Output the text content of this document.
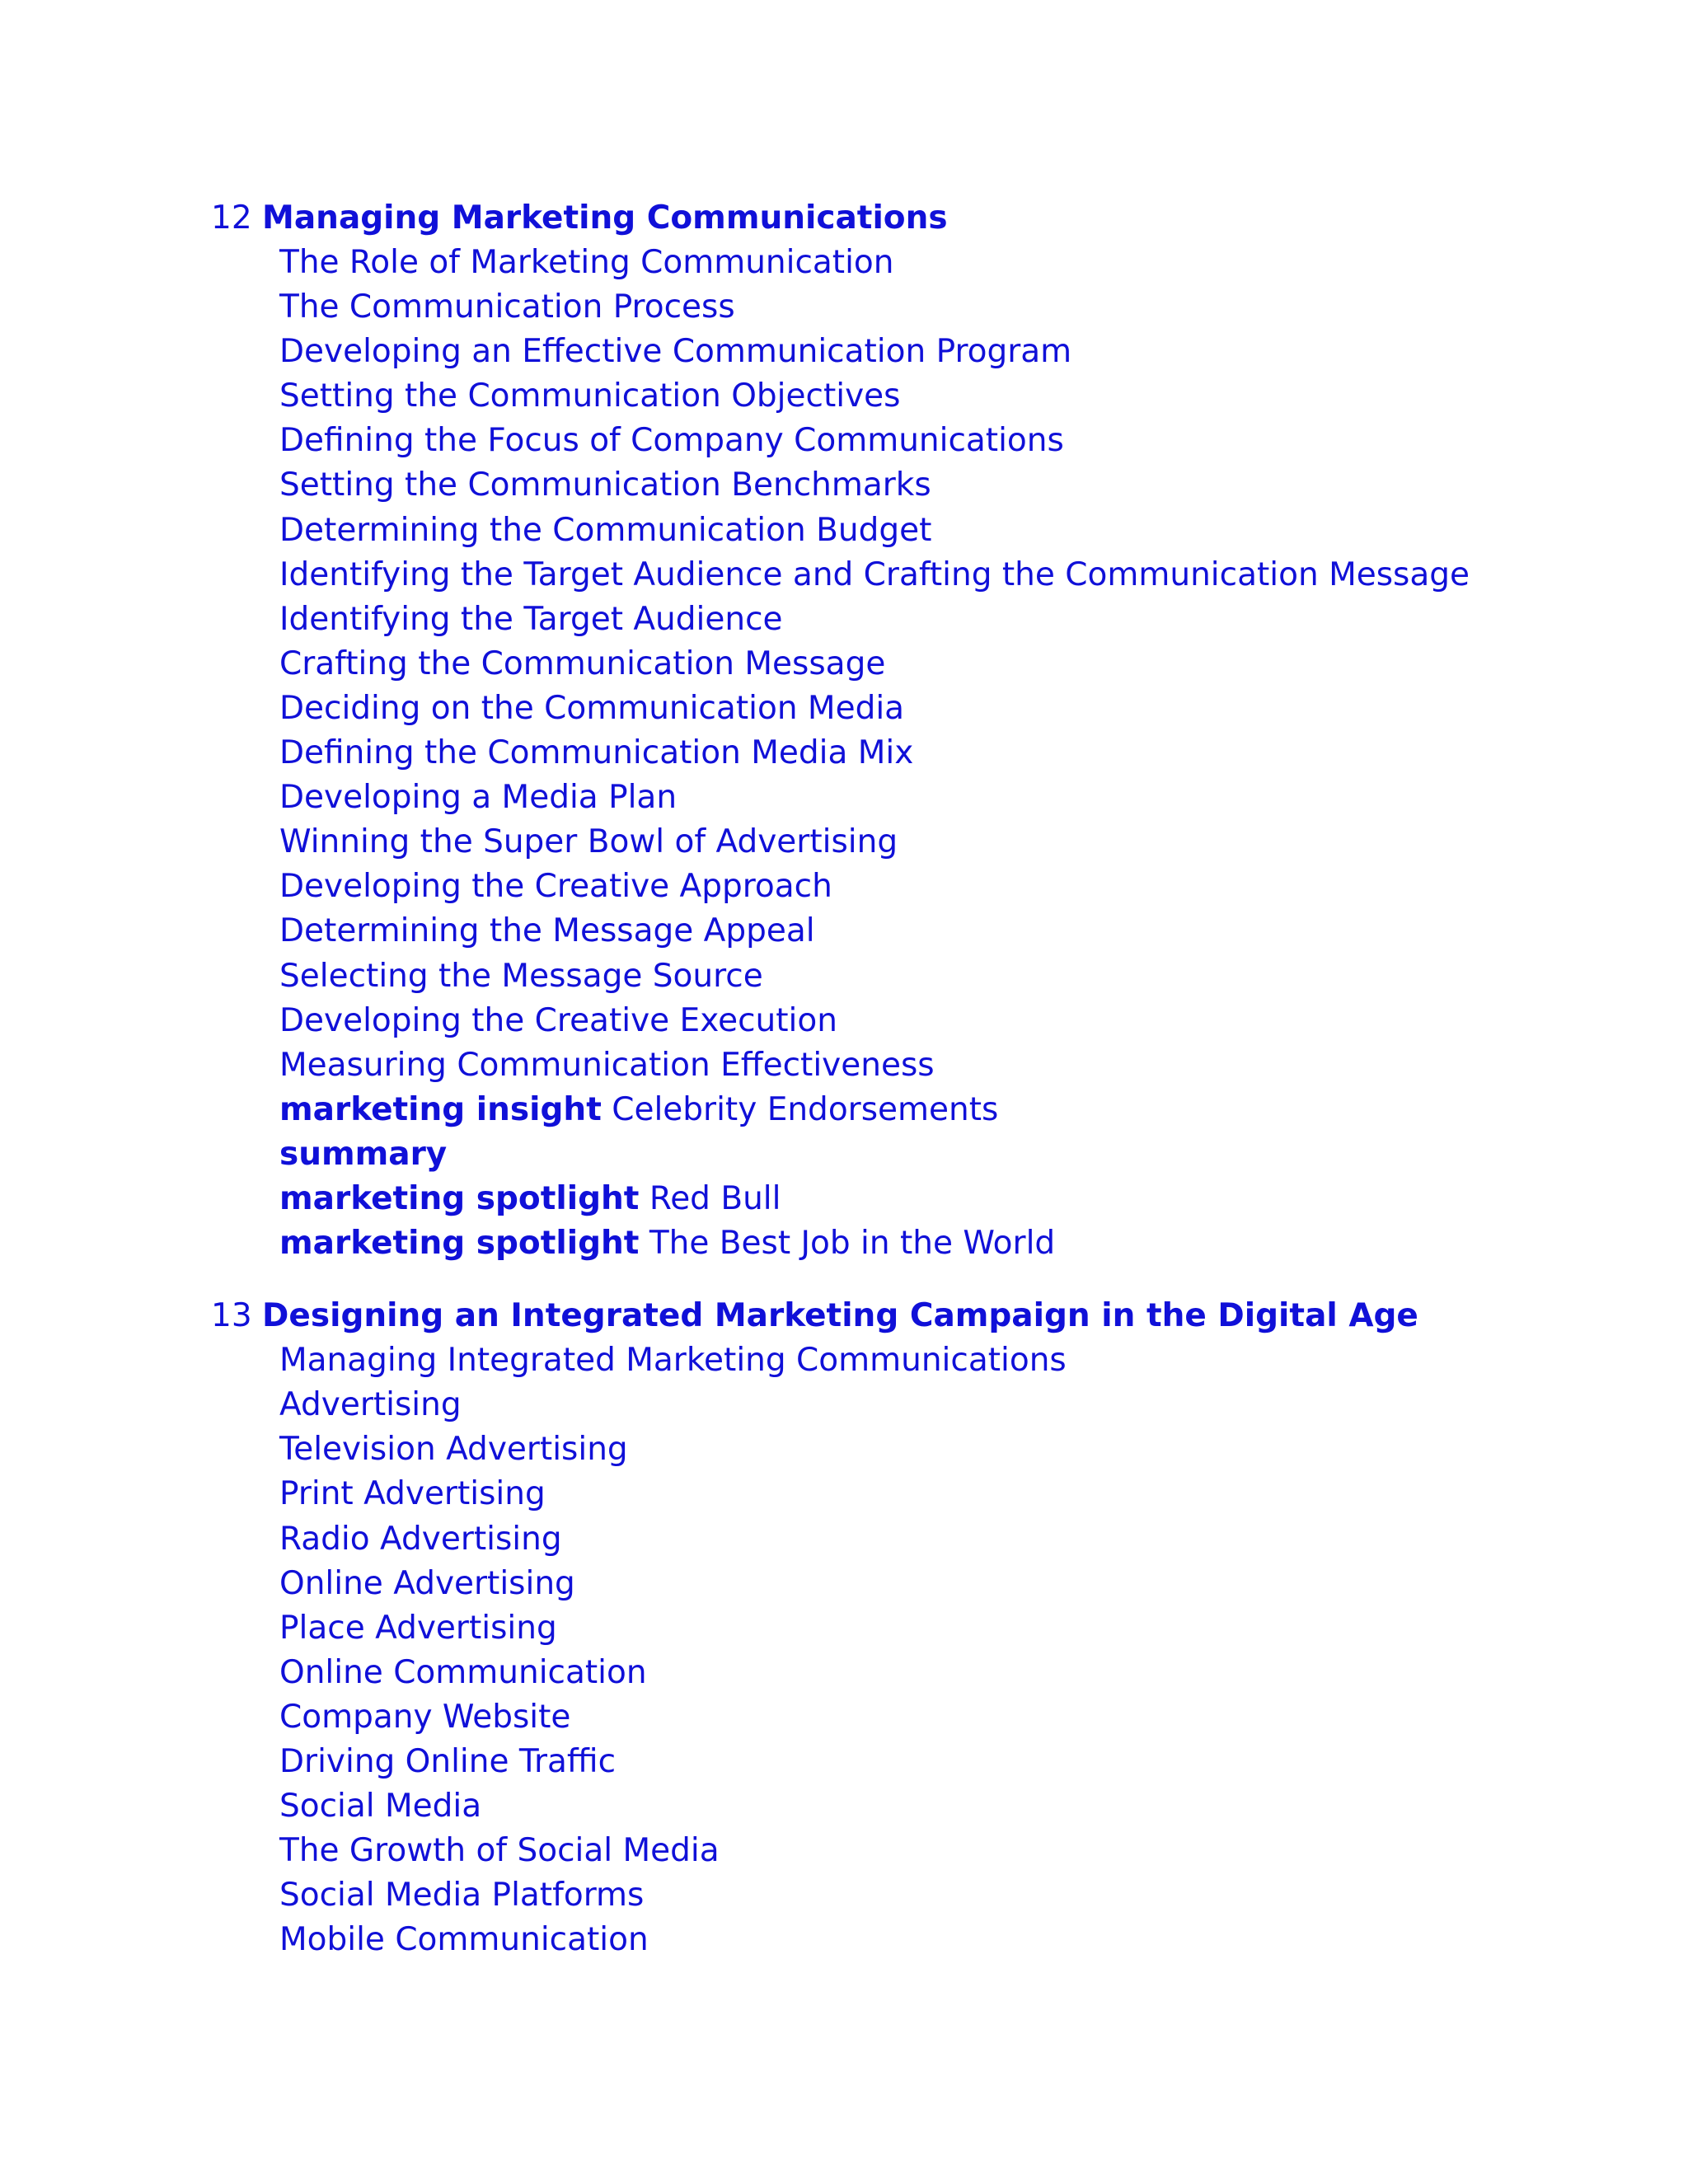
12 Managing Marketing Communications
The Role of Marketing Communication
The Communication Process
Developing an Effective Communication Program
Setting the Communication Objectives
Defining the Focus of Company Communications
Setting the Communication Benchmarks
Determining the Communication Budget
Identifying the Target Audience and Crafting the Communication Message
Identifying the Target Audience
Crafting the Communication Message
Deciding on the Communication Media
Defining the Communication Media Mix
Developing a Media Plan
Winning the Super Bowl of Advertising
Developing the Creative Approach
Determining the Message Appeal
Selecting the Message Source
Developing the Creative Execution
Measuring Communication Effectiveness
marketing insight Celebrity Endorsements
summary
marketing spotlight Red Bull
marketing spotlight The Best Job in the World
13 Designing an Integrated Marketing Campaign in the Digital Age
Managing Integrated Marketing Communications
Advertising
Television Advertising
Print Advertising
Radio Advertising
Online Advertising
Place Advertising
Online Communication
Company Website
Driving Online Traffic
Social Media
The Growth of Social Media
Social Media Platforms
Mobile Communication
